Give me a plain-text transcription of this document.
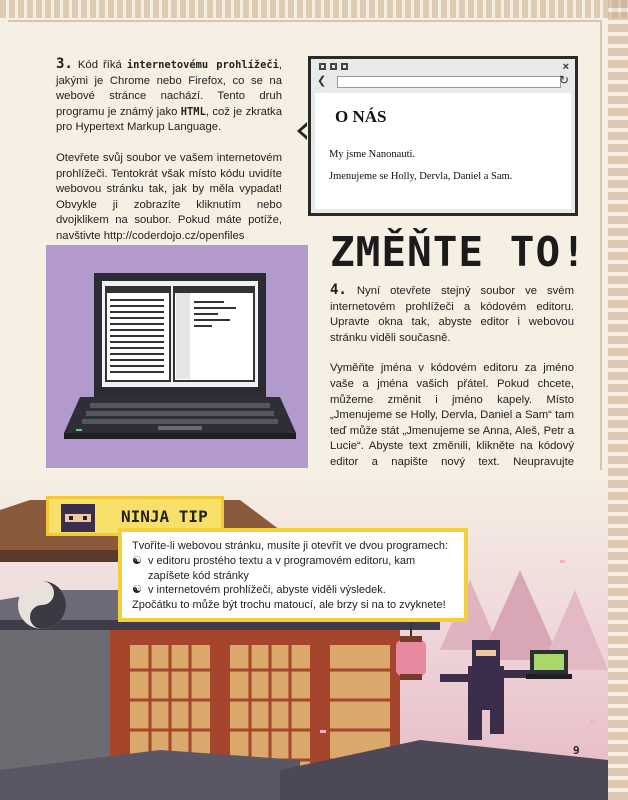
3. Kód říká internetovému prohlížeči, jakými je Chrome nebo Firefox, co se na webové stránce nachází. Tento druh programu je známý jako HTML, což je zkratka pro Hypertext Markup Language.

Otevřete svůj soubor ve vašem internetovém prohlížeči. Tentokrát však místo kódu uvidíte webovou stránku tak, jak by měla vypadat! Obvykle ji zobrazíte kliknutím nebo dvojklikem na soubor. Pokud máte potíže, navštivte http://coderdojo.cz/openfiles

×
❮	↻
O NÁS
My jsme Nanonauti.
Jmenujeme se Holly, Dervla, Daniel a Sam.
ZMĚŇTE TO!

4. Nyní otevřete stejný soubor ve svém internetovém prohlížeči a kódovém editoru. Upravte okna tak, abyste editor i webovou stránku viděli současně.

Vyměňte jména v kódovém editoru za jméno vaše a jména vašich přátel. Pokud chcete, můžeme změnit i jméno kapely. Místo „Jmenujeme se Holly, Dervla, Daniel a Sam“ tam teď může stát „Jmenujeme se Anna, Aleš, Petr a Lucie“. Abyste text změnili, klikněte na kódový editor a napište nový text. Neupravujte

NINJA TIP
Tvoříte-li webovou stránku, musíte ji otevřít ve dvou programech:
☯ v editoru prostého textu a v programovém editoru, kam zapíšete kód stránky
☯ v internetovém prohlížeči, abyste viděli výsledek.
Zpočátku to může být trochu matoucí, ale brzy si na to zvyknete!
9
